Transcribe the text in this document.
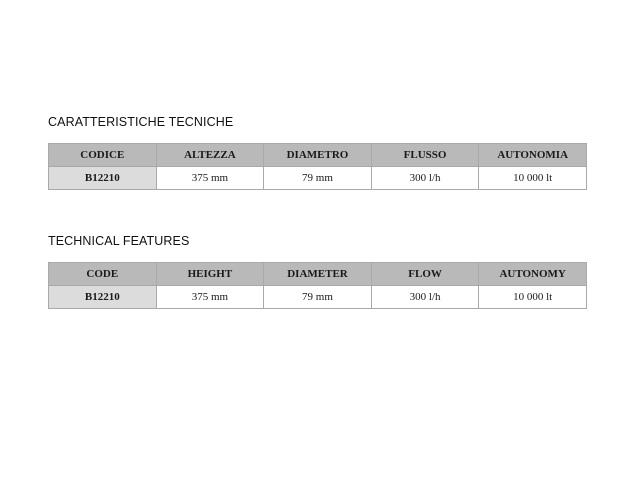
CARATTERISTICHE TECNICHE
CODICE	ALTEZZA	DIAMETRO	FLUSSO	AUTONOMIA
B12210	375 mm	79 mm	300 l/h	10 000 lt
TECHNICAL FEATURES
CODE	HEIGHT	DIAMETER	FLOW	AUTONOMY
B12210	375 mm	79 mm	300 l/h	10 000 lt
